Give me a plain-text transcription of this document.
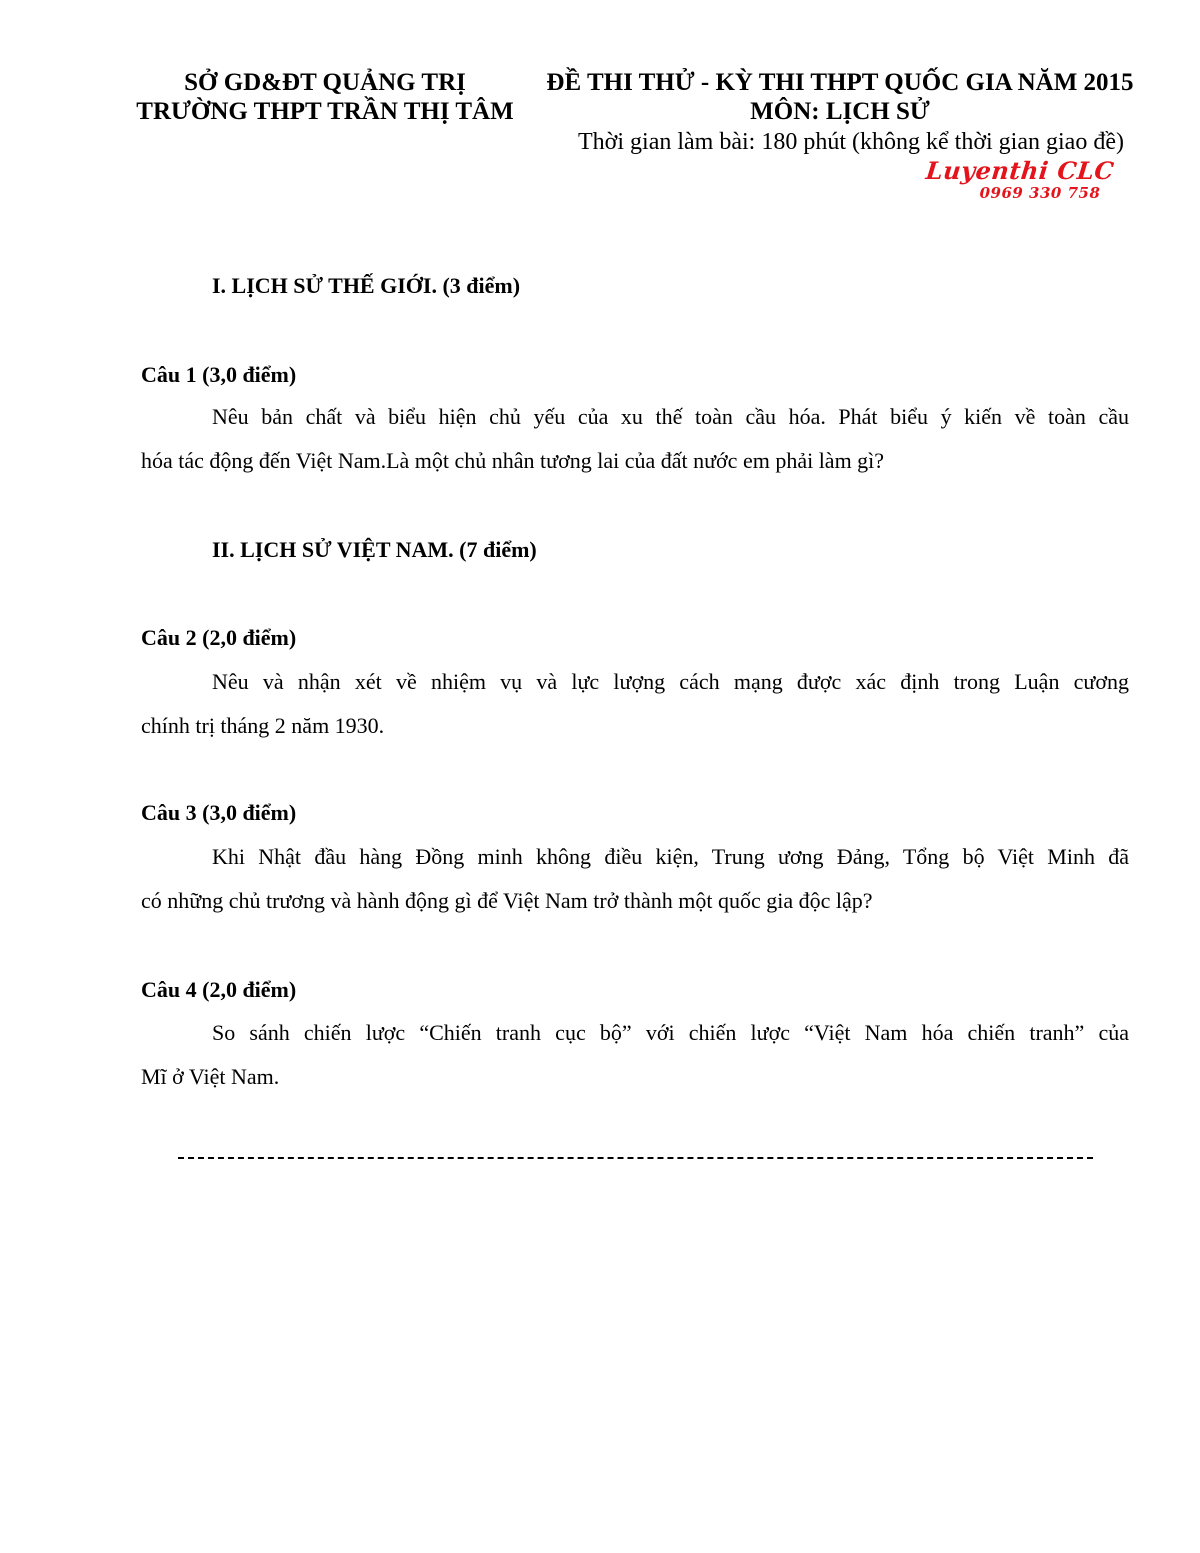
SỞ GD&ĐT QUẢNG TRỊ
TRƯỜNG THPT TRẦN THỊ TÂM
ĐỀ THI THỬ - KỲ THI THPT QUỐC GIA NĂM 2015
MÔN: LỊCH SỬ
Thời gian làm bài: 180 phút (không kể thời gian giao đề)
Luyenthi CLC
0969 330 758
I. LỊCH SỬ THẾ GIỚI. (3 điểm)
Câu 1 (3,0 điểm)
Nêu bản chất và biểu hiện chủ yếu của xu thế toàn cầu hóa. Phát biểu ý kiến về toàn cầu
hóa tác động đến Việt Nam.Là một chủ nhân tương lai của đất nước em phải làm gì?
II. LỊCH SỬ VIỆT NAM. (7 điểm)
Câu 2 (2,0 điểm)
Nêu và nhận xét về nhiệm vụ và lực lượng cách mạng được xác định trong Luận cương
chính trị tháng 2 năm 1930.
Câu 3 (3,0 điểm)
Khi Nhật đầu hàng Đồng minh không điều kiện, Trung ương Đảng, Tổng bộ Việt Minh đã
có những chủ trương và hành động gì để Việt Nam trở thành một quốc gia độc lập?
Câu 4 (2,0 điểm)
So sánh chiến lược “Chiến tranh cục bộ” với chiến lược “Việt Nam hóa chiến tranh” của
Mĩ ở Việt Nam.
